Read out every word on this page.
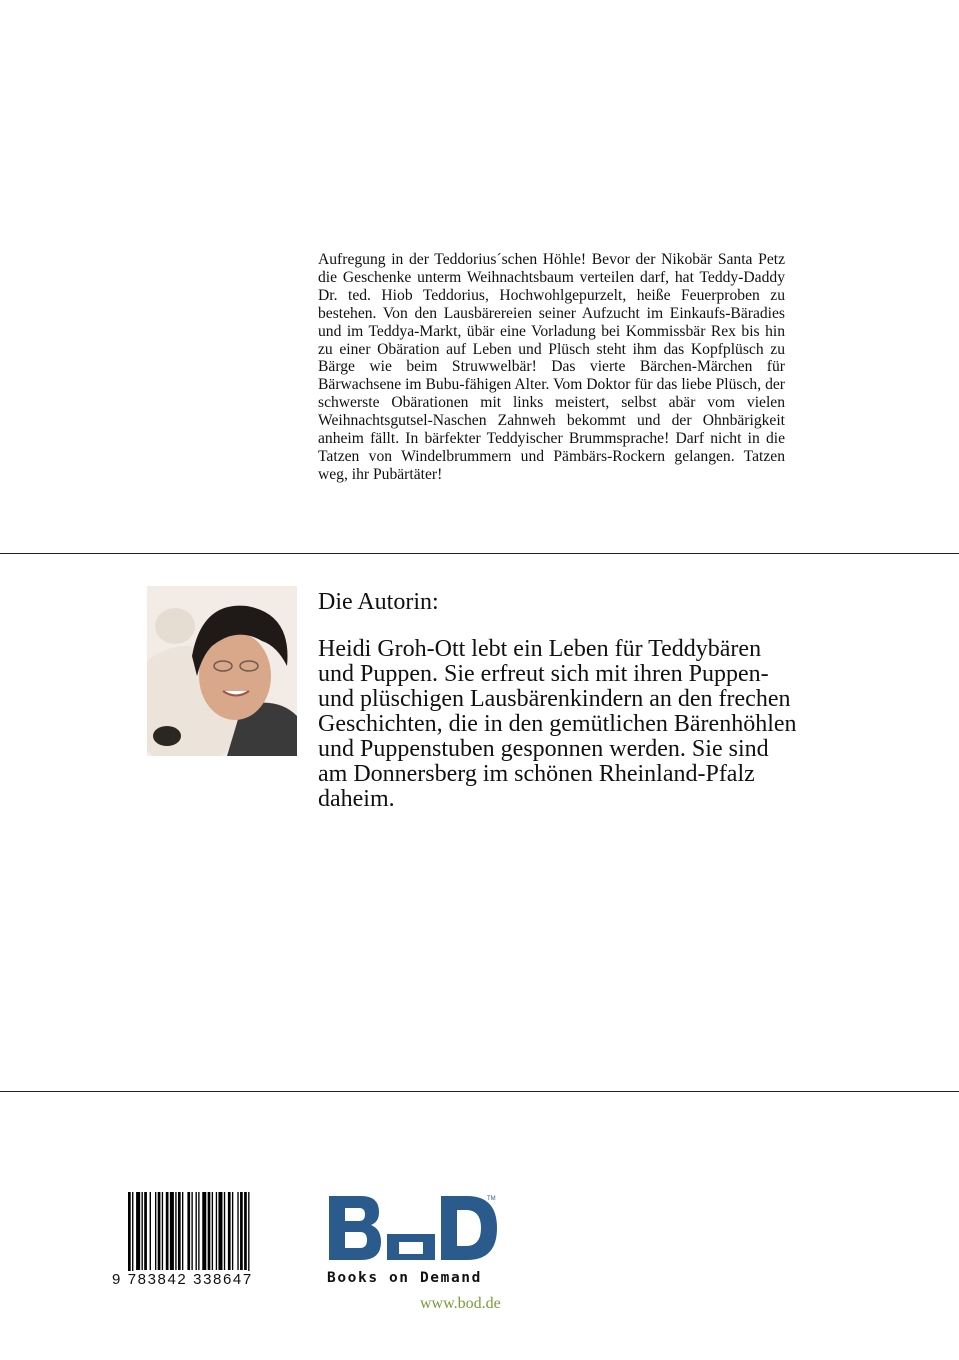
Aufregung in der Teddorius´schen Höhle! Bevor der Nikobär Santa Petz die Geschenke unterm Weihnachtsbaum verteilen darf, hat Teddy-Daddy Dr. ted. Hiob Teddorius, Hochwohlgepurzelt, heiße Feuerproben zu bestehen. Von den Lausbärereien seiner Aufzucht im Einkaufs-Bäradies und im Teddya-Markt, übär eine Vorladung bei Kommissbär Rex bis hin zu einer Obäration auf Leben und Plüsch steht ihm das Kopfplüsch zu Bärge wie beim Struwwelbär! Das vierte Bärchen-Märchen für Bärwachsene im Bubu-fähigen Alter. Vom Doktor für das liebe Plüsch, der schwerste Obärationen mit links meistert, selbst abär vom vielen Weihnachtsgutsel-Naschen Zahnweh bekommt und der Ohnbärigkeit anheim fällt. In bärfekter Teddyischer Brummsprache! Darf nicht in die Tatzen von Windelbrummern und Pämbärs-Rockern gelangen. Tatzen weg, ihr Pubärtäter!
Die Autorin:
Heidi Groh-Ott lebt ein Leben für Teddybären und Puppen. Sie erfreut sich mit ihren Puppen- und plüschigen Lausbärenkindern an den frechen Geschichten, die in den gemütlichen Bärenhöhlen und Puppenstuben gesponnen werden. Sie sind am Donnersberg im schönen Rheinland-Pfalz daheim.
9 783842 338647
TM
Books on Demand
www.bod.de
